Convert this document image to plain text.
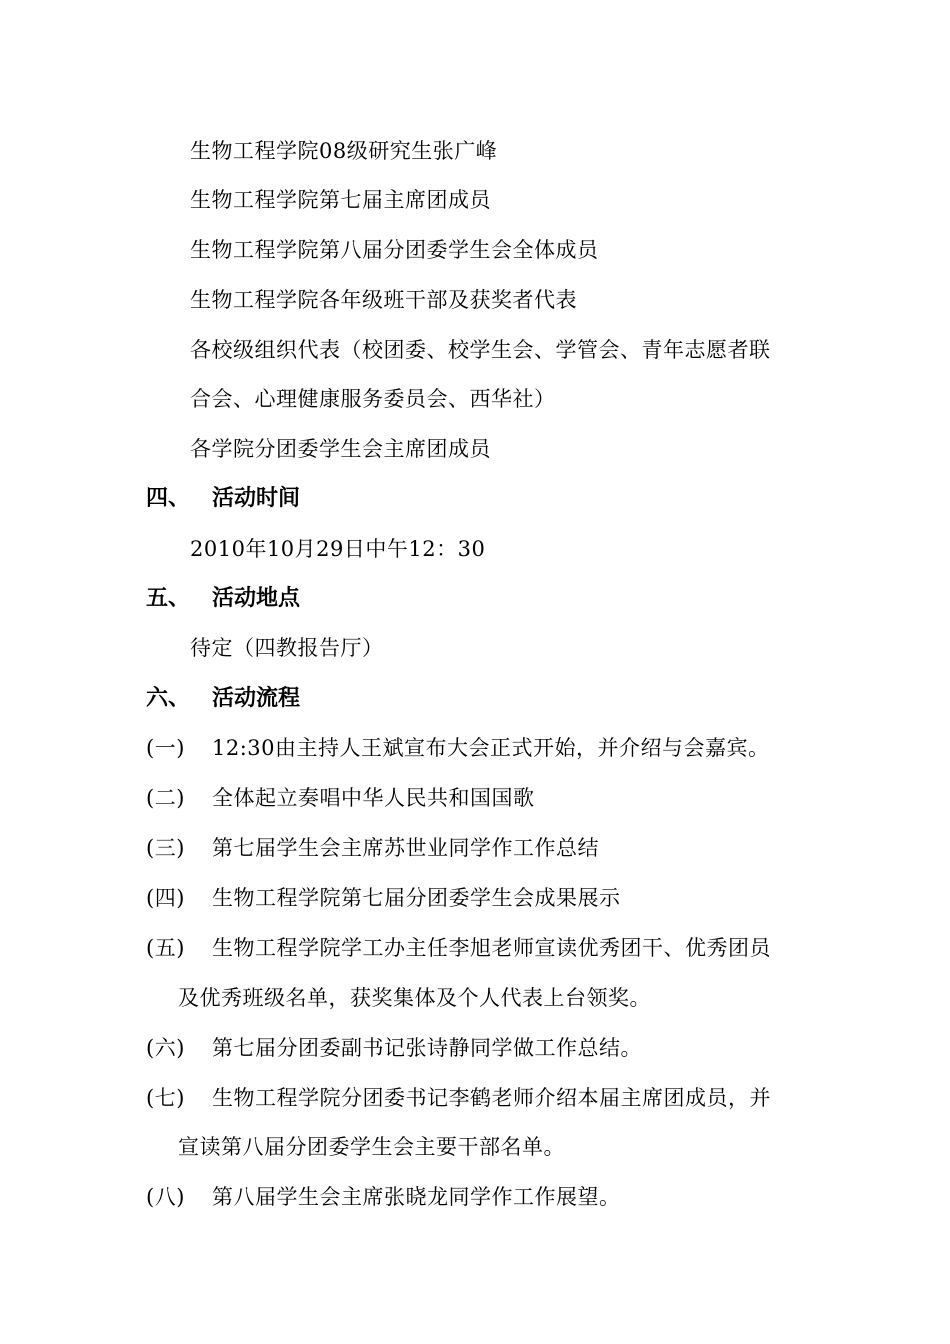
生物工程学院08级研究生张广峰
生物工程学院第七届主席团成员
生物工程学院第八届分团委学生会全体成员
生物工程学院各年级班干部及获奖者代表
各校级组织代表（校团委、校学生会、学管会、青年志愿者联
合会、心理健康服务委员会、西华社）
各学院分团委学生会主席团成员
四、 活动时间
2010年10月29日中午12：30
五、 活动地点
待定（四教报告厅）
六、 活动流程
(一) 12:30由主持人王斌宣布大会正式开始，并介绍与会嘉宾。
(二) 全体起立奏唱中华人民共和国国歌
(三) 第七届学生会主席苏世业同学作工作总结
(四) 生物工程学院第七届分团委学生会成果展示
(五) 生物工程学院学工办主任李旭老师宣读优秀团干、优秀团员
及优秀班级名单，获奖集体及个人代表上台领奖。
(六) 第七届分团委副书记张诗静同学做工作总结。
(七) 生物工程学院分团委书记李鹤老师介绍本届主席团成员，并
宣读第八届分团委学生会主要干部名单。
(八) 第八届学生会主席张晓龙同学作工作展望。
